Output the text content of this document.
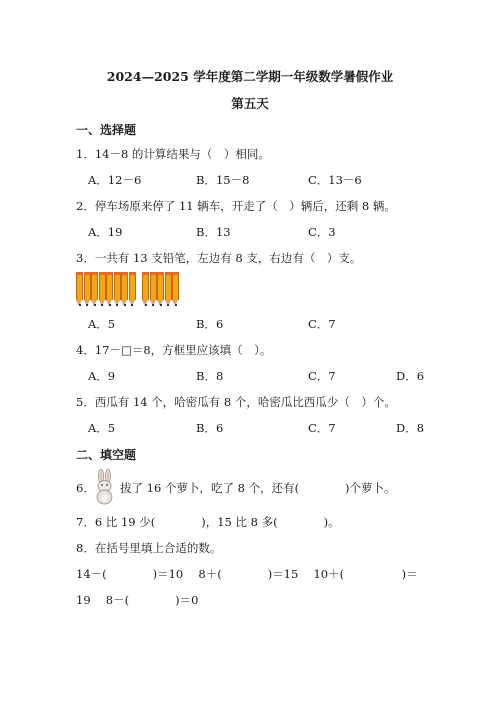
2024—2025 学年度第二学期一年级数学暑假作业
第五天
一、选择题
1．14－8 的计算结果与（　）相同。
A．12－6	B．15－8	C．13－6
2．停车场原来停了 11 辆车，开走了（　）辆后，还剩 8 辆。
A．19	B．13	C．3
3．一共有 13 支铅笔，左边有 8 支，右边有（　）支。
A．5	B．6	C．7
4．17－□＝8，方框里应该填（　）。
A．9	B．8	C．7	D．6
5．西瓜有 14 个，哈密瓜有 8 个，哈密瓜比西瓜少（　）个。
A．5	B．6	C．7	D．8
二、填空题
6． 拔了 16 个萝卜，吃了 8 个，还有(　　　　)个萝卜。
7．6 比 19 少(　　　　)，15 比 8 多(　　　　)。
8．在括号里填上合适的数。
14－(　　　　)＝10　 8＋(　　　　)＝15　 10＋(　　　　　)＝
19　 8－(　　　　)＝0
